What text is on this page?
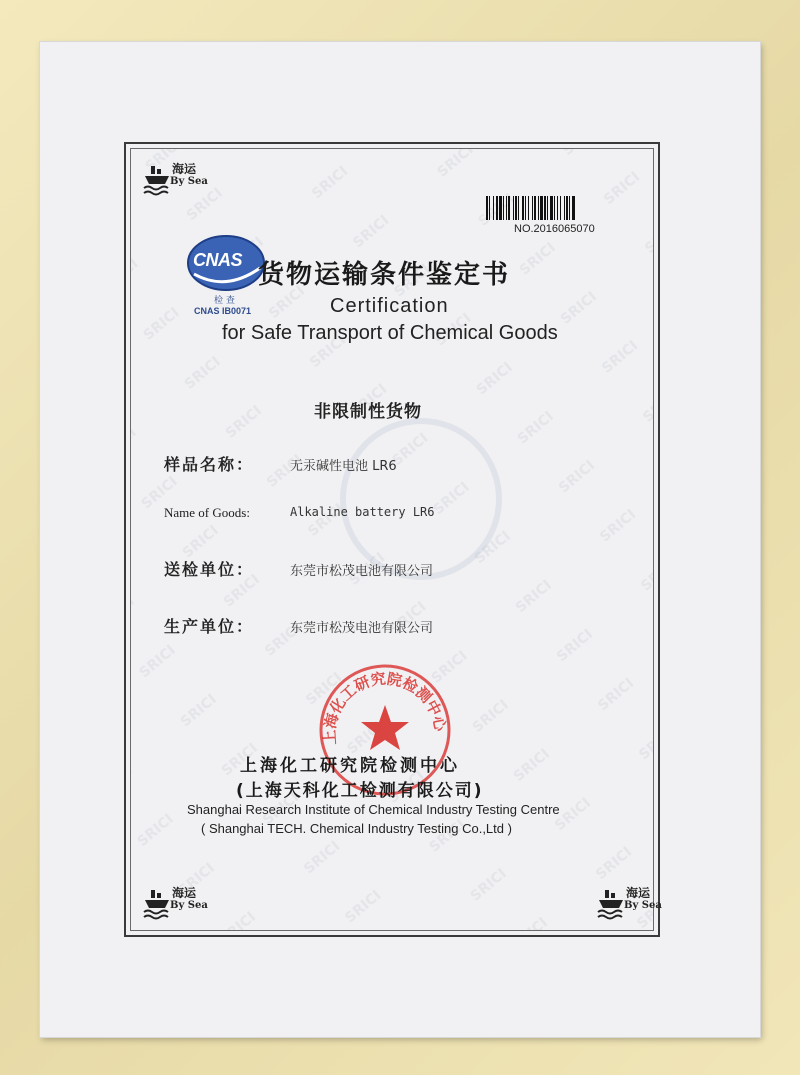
海运
By Sea
海运
By Sea
海运
By Sea
NO.2016065070
CNAS
检 查
CNAS IB0071
货物运输条件鉴定书
Certification
for Safe Transport of Chemical Goods
非限制性货物
样品名称：	无汞碱性电池 LR6
Name of Goods:	Alkaline battery LR6
送检单位：	东莞市松茂电池有限公司
生产单位：	东莞市松茂电池有限公司
上海化工研究院检测中心
上海化工研究院检测中心
(上海天科化工检测有限公司)
Shanghai Research Institute of Chemical Industry Testing Centre
( Shanghai TECH. Chemical Industry Testing Co.,Ltd )
